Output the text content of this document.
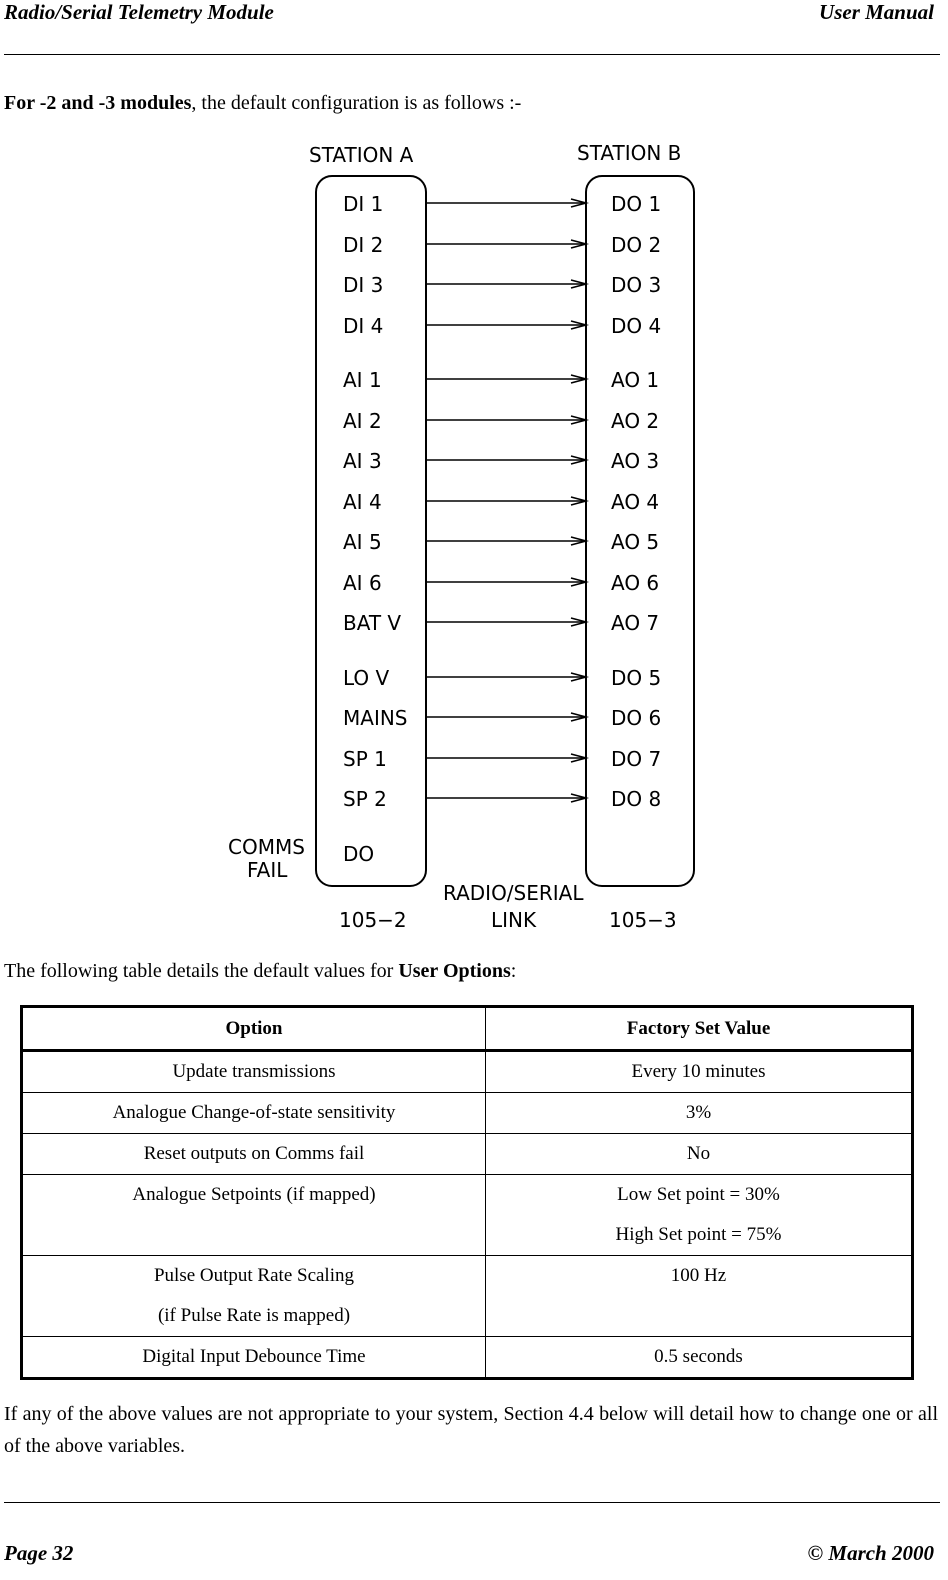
Radio/Serial Telemetry Module	User Manual
For -2 and -3 modules, the default configuration is as follows :-
STATION A	STATION B
DI 1
DI 2
DI 3
DI 4
AI 1
AI 2
AI 3
AI 4
AI 5
AI 6
BAT V
LO V
MAINS
SP 1
SP 2
DO 1
DO 2
DO 3
DO 4
AO 1
AO 2
AO 3
AO 4
AO 5
AO 6
AO 7
DO 5
DO 6
DO 7
DO 8
COMMS
FAIL
DO
RADIO/SERIAL
LINK
105−2	105−3
The following table details the default values for User Options:
Option	Factory Set Value

Update transmissions	Every 10 minutes

Analogue Change-of-state sensitivity	3%

Reset outputs on Comms fail	No

Analogue Setpoints (if mapped)	Low Set point = 30%
High Set point = 75%

Pulse Output Rate Scaling
(if Pulse Rate is mapped)	100 Hz

Digital Input Debounce Time	0.5 seconds
If any of the above values are not appropriate to your system, Section 4.4 below will detail how to change one or all of the above variables.
Page 32	© March 2000
